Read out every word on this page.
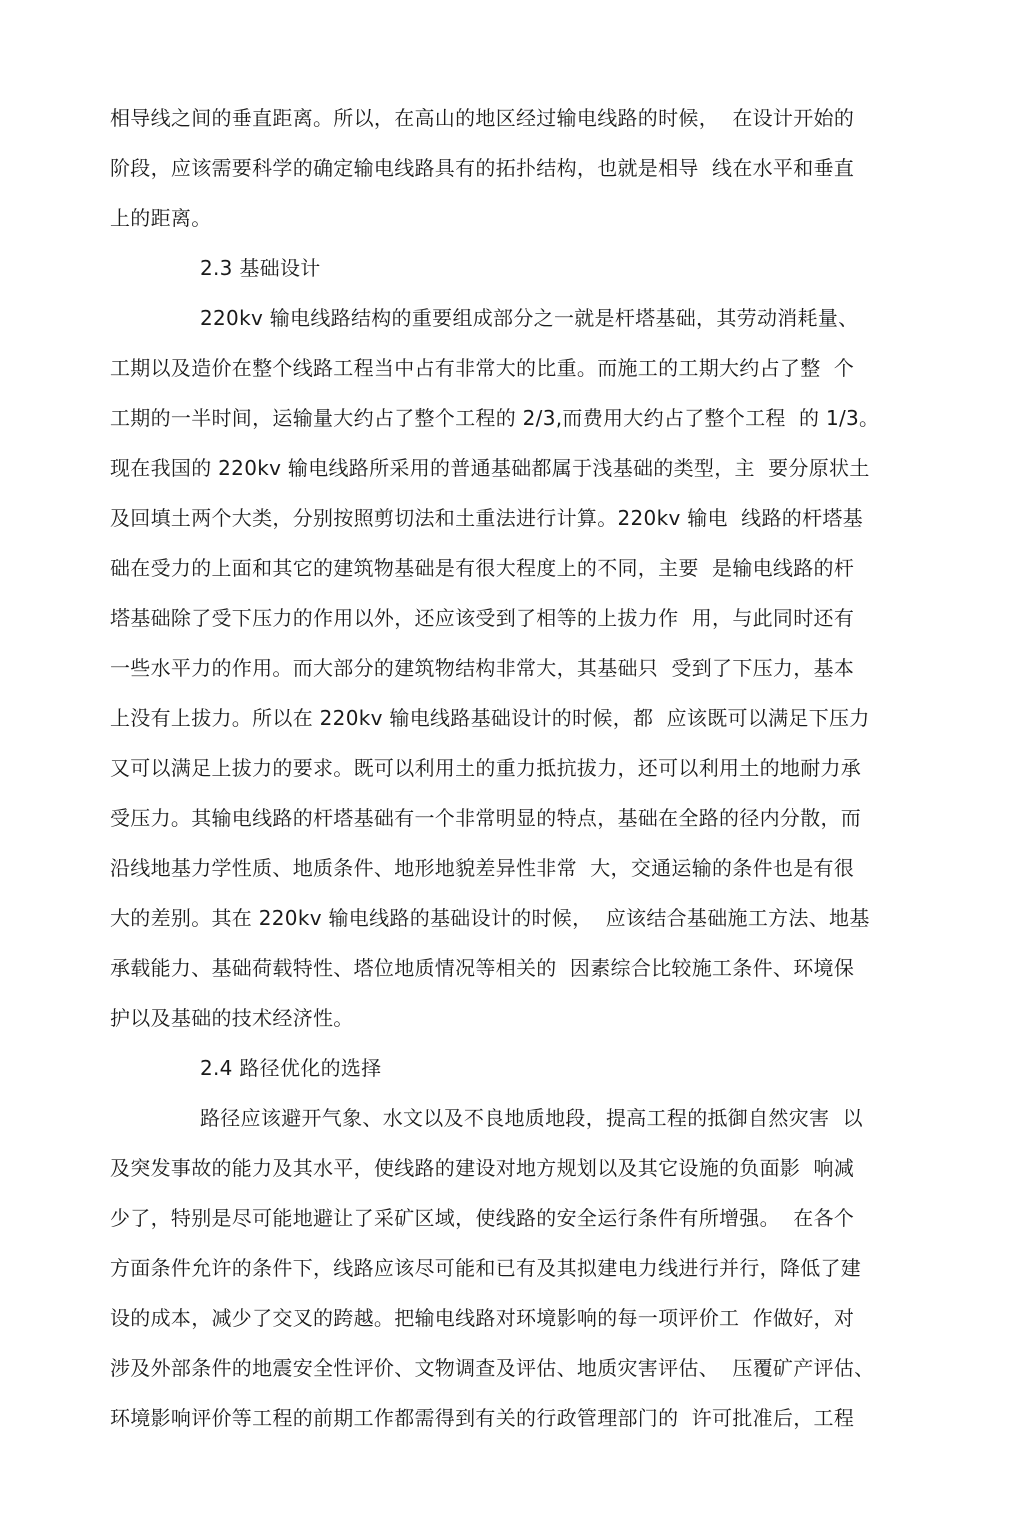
相导线之间的垂直距离。所以，在高山的地区经过输电线路的时候，  在设计开始的
阶段，应该需要科学的确定输电线路具有的拓扑结构，也就是相导  线在水平和垂直
上的距离。
2.3 基础设计
220kv 输电线路结构的重要组成部分之一就是杆塔基础，其劳动消耗量、
工期以及造价在整个线路工程当中占有非常大的比重。而施工的工期大约占了整  个
工期的一半时间，运输量大约占了整个工程的 2/3,而费用大约占了整个工程  的 1/3。
现在我国的 220kv 输电线路所采用的普通基础都属于浅基础的类型，主  要分原状土
及回填土两个大类，分别按照剪切法和土重法进行计算。220kv 输电  线路的杆塔基
础在受力的上面和其它的建筑物基础是有很大程度上的不同，主要  是输电线路的杆
塔基础除了受下压力的作用以外，还应该受到了相等的上拔力作  用，与此同时还有
一些水平力的作用。而大部分的建筑物结构非常大，其基础只  受到了下压力，基本
上没有上拔力。所以在 220kv 输电线路基础设计的时候，都  应该既可以满足下压力
又可以满足上拔力的要求。既可以利用土的重力抵抗拔力，还可以利用土的地耐力承
受压力。其输电线路的杆塔基础有一个非常明显的特点，基础在全路的径内分散，而
沿线地基力学性质、地质条件、地形地貌差异性非常  大，交通运输的条件也是有很
大的差别。其在 220kv 输电线路的基础设计的时候，  应该结合基础施工方法、地基
承载能力、基础荷载特性、塔位地质情况等相关的  因素综合比较施工条件、环境保
护以及基础的技术经济性。
2.4 路径优化的选择
路径应该避开气象、水文以及不良地质地段，提高工程的抵御自然灾害  以
及突发事故的能力及其水平，使线路的建设对地方规划以及其它设施的负面影  响减
少了，特别是尽可能地避让了采矿区域，使线路的安全运行条件有所增强。  在各个
方面条件允许的条件下，线路应该尽可能和已有及其拟建电力线进行并行，降低了建
设的成本，减少了交叉的跨越。把输电线路对环境影响的每一项评价工  作做好，对
涉及外部条件的地震安全性评价、文物调查及评估、地质灾害评估、  压覆矿产评估、
环境影响评价等工程的前期工作都需得到有关的行政管理部门的  许可批准后，工程
